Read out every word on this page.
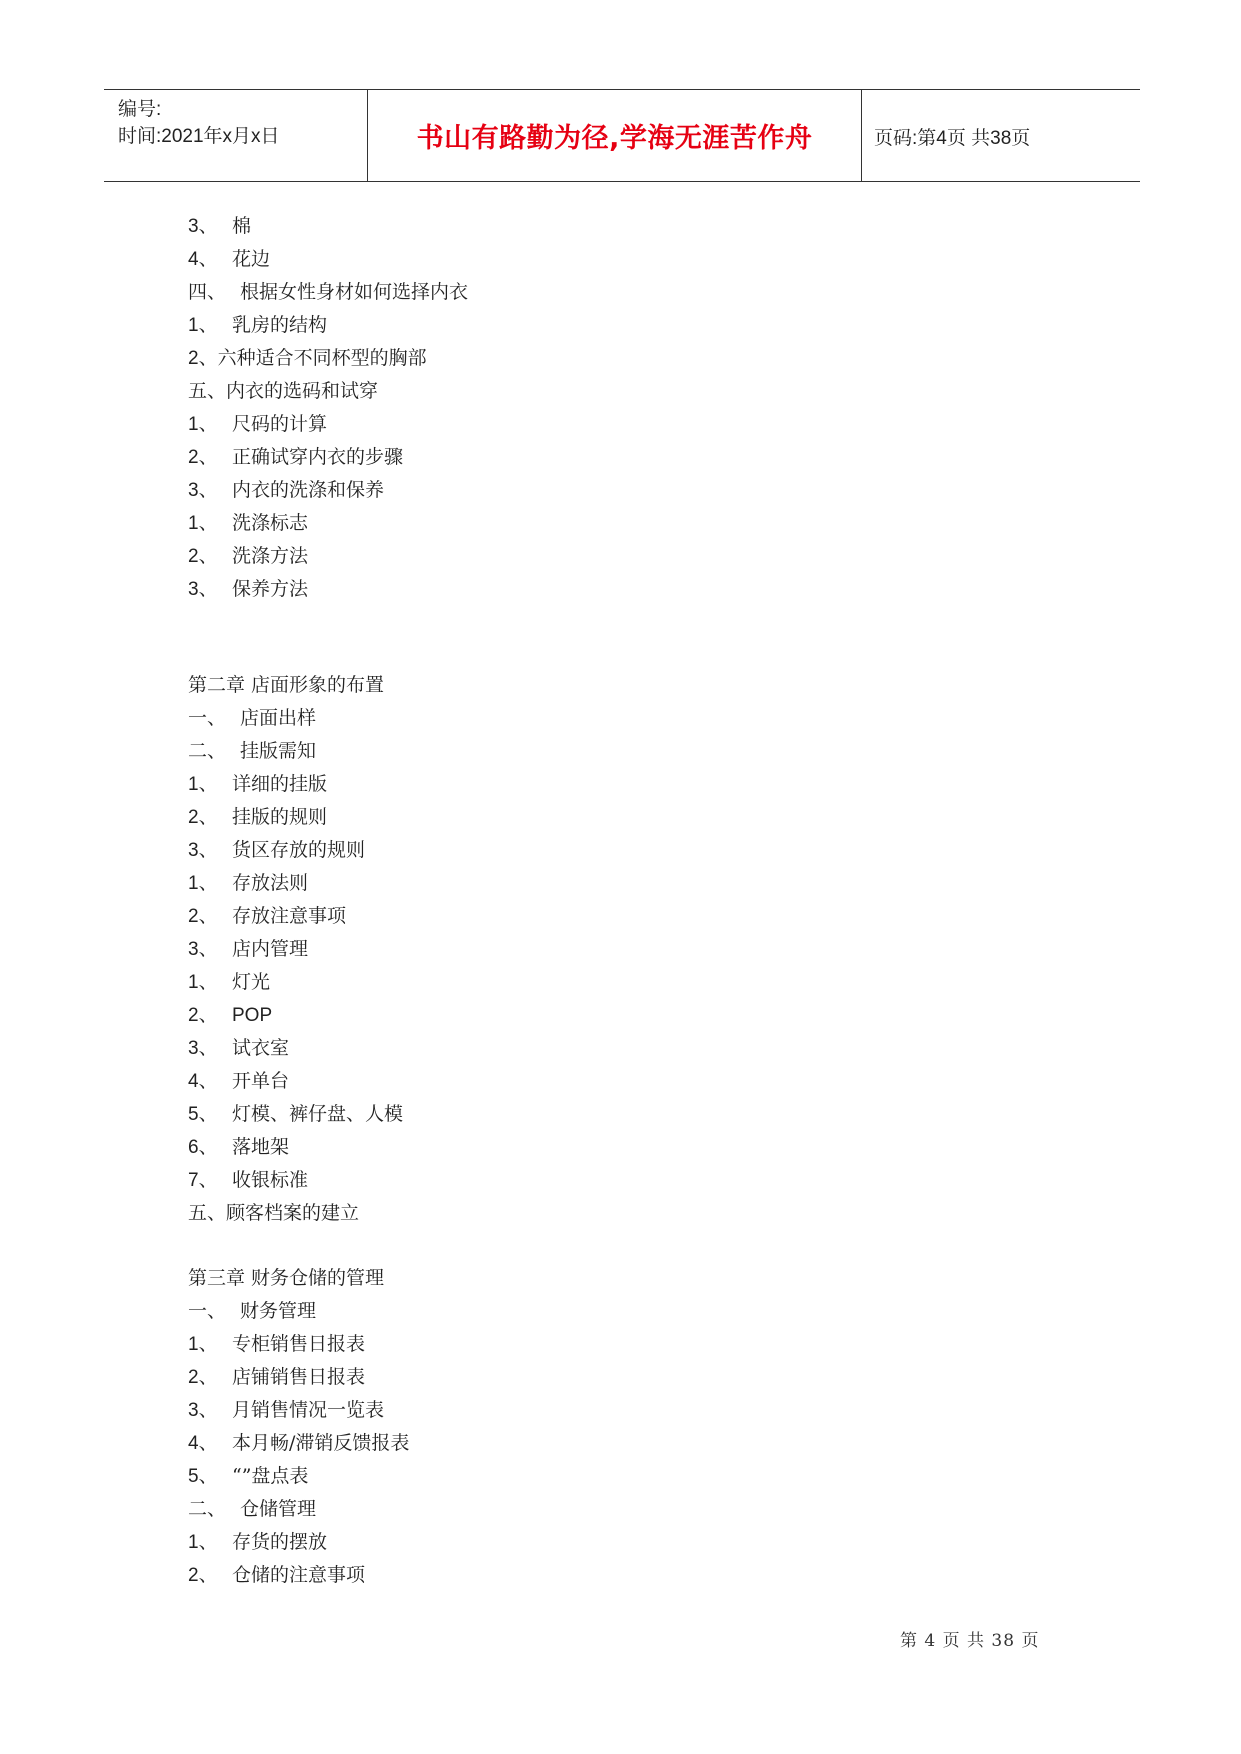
编号:
时间:2021年x月x日	书山有路勤为径,学海无涯苦作舟	页码:第4页 共38页
3、 棉
4、 花边
四、 根据女性身材如何选择内衣
1、 乳房的结构
2、六种适合不同杯型的胸部
五、内衣的选码和试穿
1、 尺码的计算
2、 正确试穿内衣的步骤
3、 内衣的洗涤和保养
1、 洗涤标志
2、 洗涤方法
3、 保养方法
第二章 店面形象的布置
一、 店面出样
二、 挂版需知
1、 详细的挂版
2、 挂版的规则
3、 货区存放的规则
1、 存放法则
2、 存放注意事项
3、 店内管理
1、 灯光
2、 POP
3、 试衣室
4、 开单台
5、 灯模、裤仔盘、人模
6、 落地架
7、 收银标准
五、顾客档案的建立
第三章 财务仓储的管理
一、 财务管理
1、 专柜销售日报表
2、 店铺销售日报表
3、 月销售情况一览表
4、 本月畅/滞销反馈报表
5、 “”盘点表
二、 仓储管理
1、 存货的摆放
2、 仓储的注意事项
第 4 页 共 38 页
